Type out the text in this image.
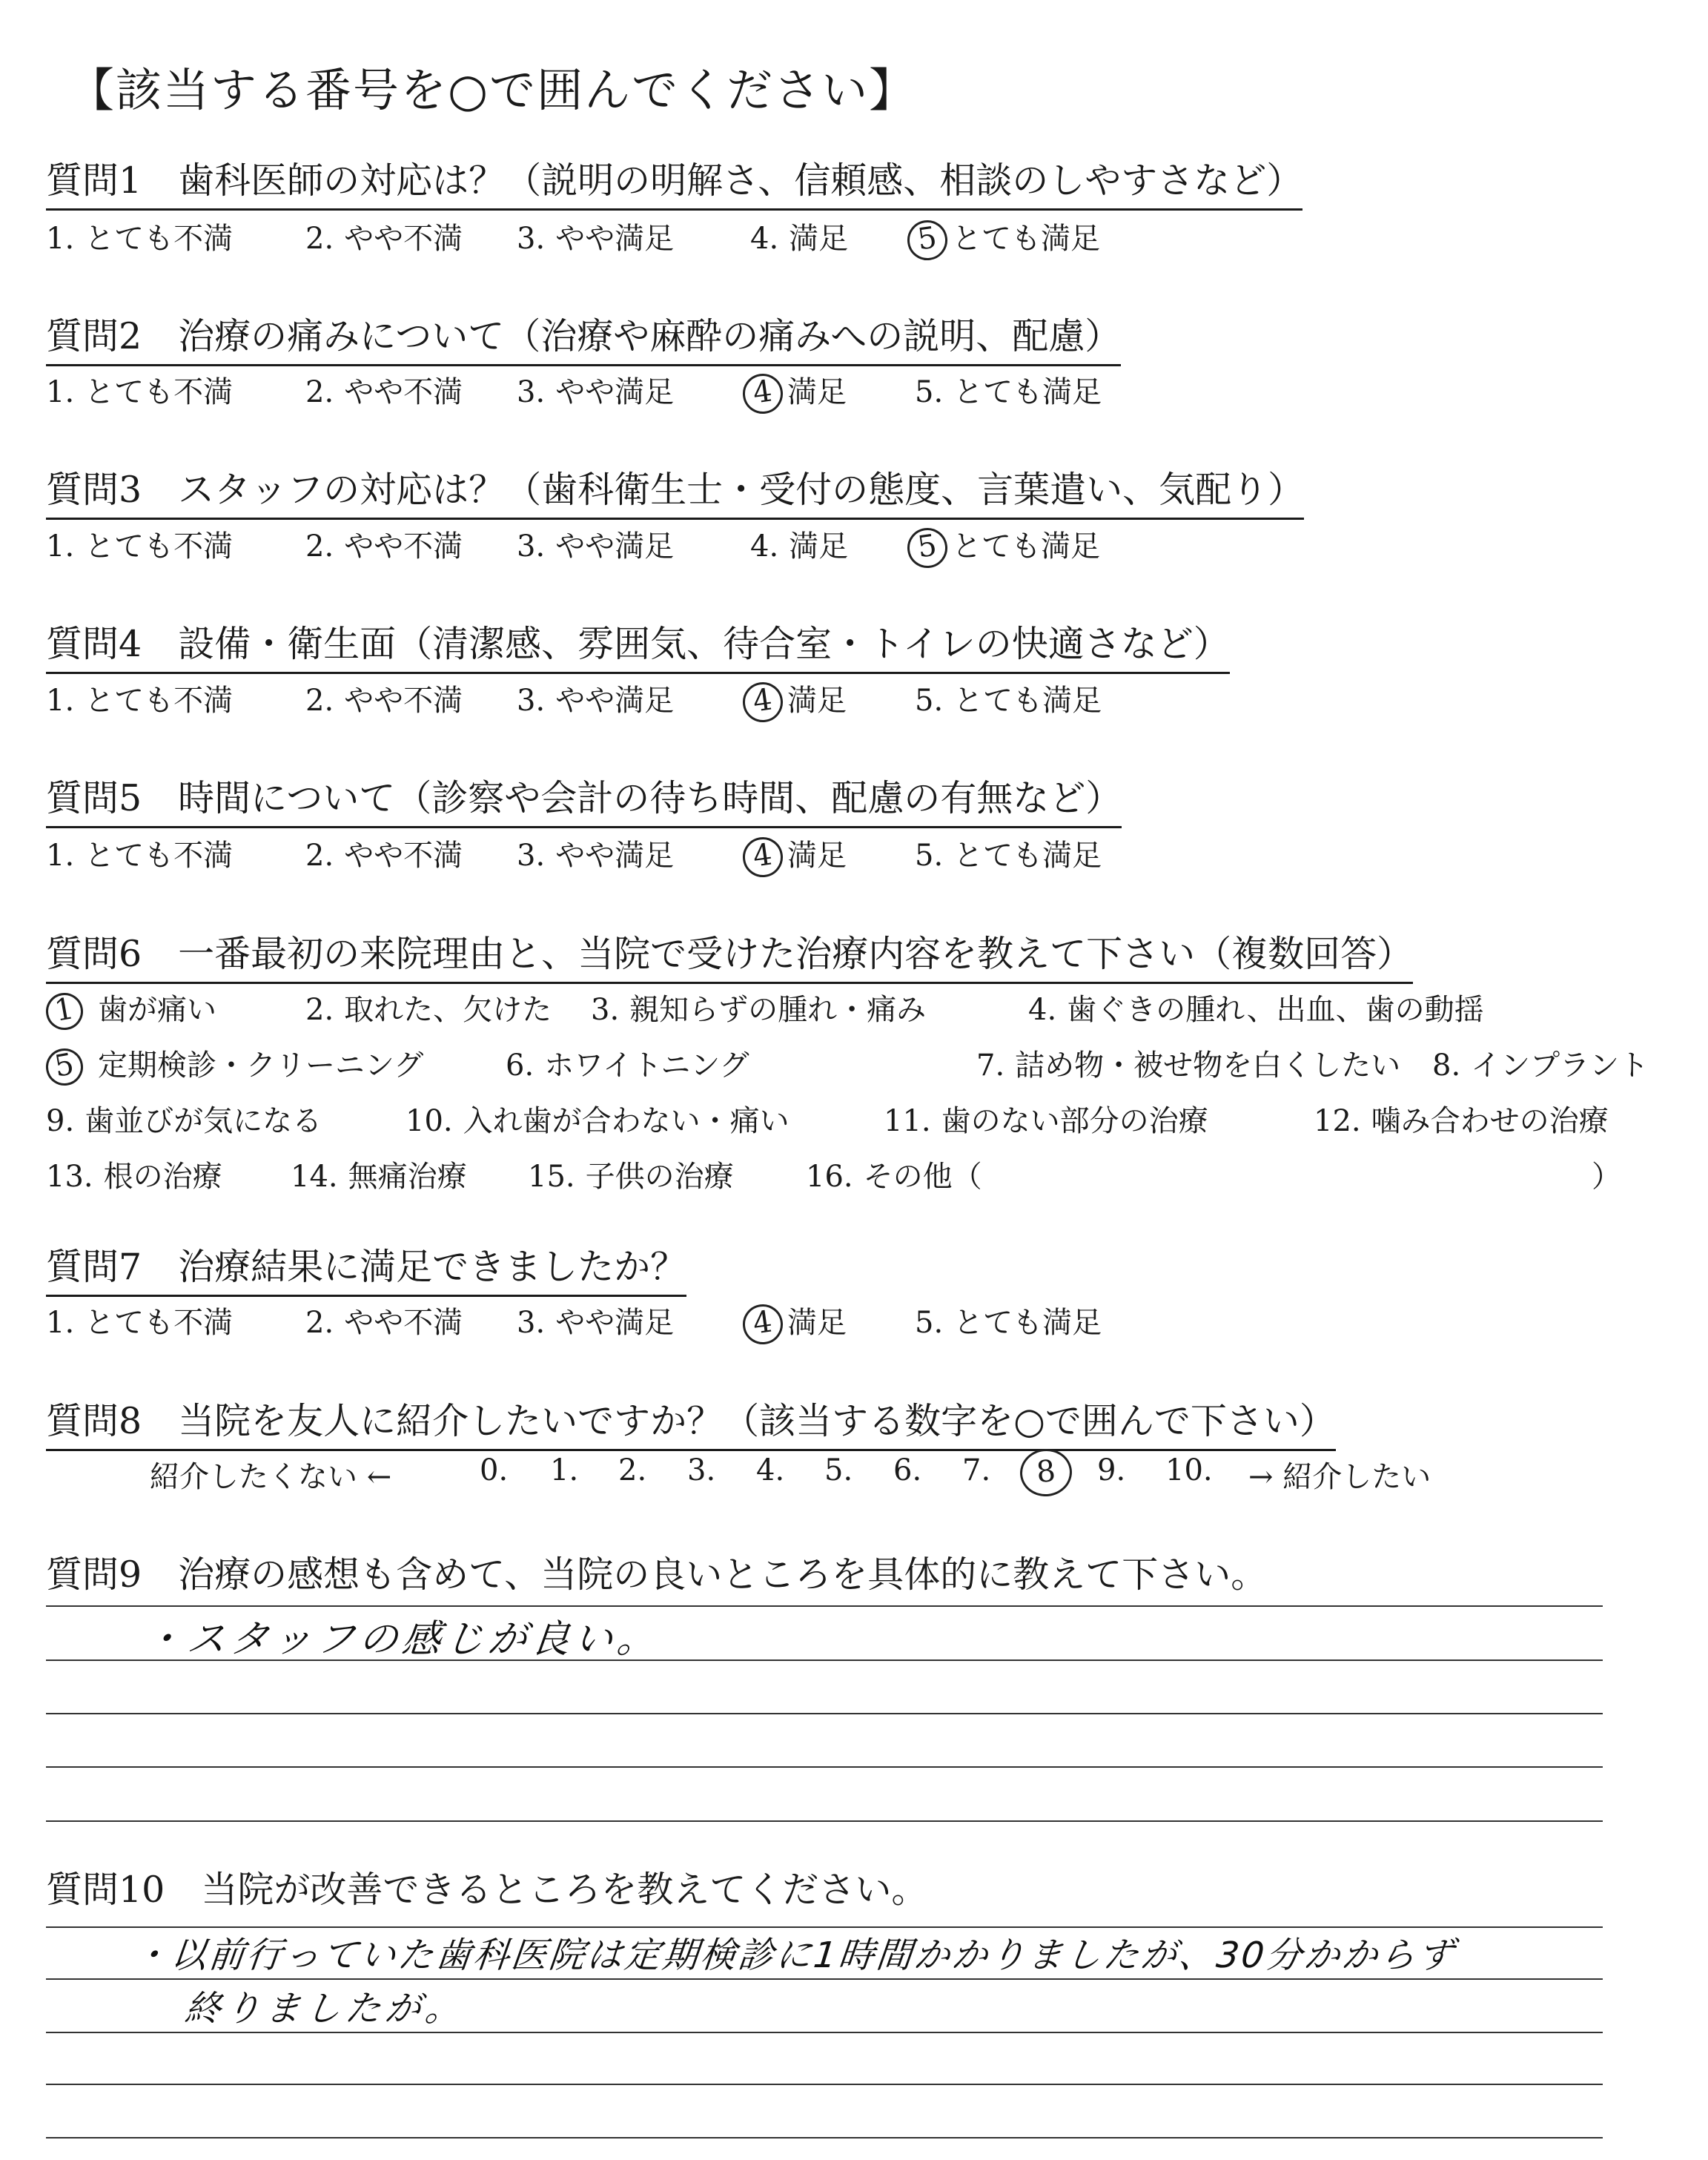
【該当する番号を○で囲んでください】
質問1　歯科医師の対応は？（説明の明解さ、信頼感、相談のしやすさなど）
1. とても不満 2. やや不満 3. やや満足	4. 満足 5 とても満足
質問2　治療の痛みについて（治療や麻酔の痛みへの説明、配慮）
1. とても不満 2. やや不満 3. やや満足	4 満足 5. とても満足
質問3　スタッフの対応は？（歯科衛生士・受付の態度、言葉遣い、気配り）
1. とても不満 2. やや不満 3. やや満足	4. 満足 5 とても満足
質問4　設備・衛生面（清潔感、雰囲気、待合室・トイレの快適さなど）
1. とても不満 2. やや不満 3. やや満足	4 満足 5. とても満足
質問5　時間について（診察や会計の待ち時間、配慮の有無など）
1. とても不満 2. やや不満 3. やや満足	4 満足 5. とても満足
質問6　一番最初の来院理由と、当院で受けた治療内容を教えて下さい（複数回答）
1 歯が痛い	2. 取れた、欠けた 3. 親知らずの腫れ・痛み	4. 歯ぐきの腫れ、出血、歯の動揺
5 定期検診・クリーニング	6. ホワイトニング	7. 詰め物・被せ物を白くしたい 8. インプラント
9. 歯並びが気になる	10. 入れ歯が合わない・痛い	11. 歯のない部分の治療	12. 噛み合わせの治療
13. 根の治療 14. 無痛治療 15. 子供の治療 16. その他（	）
質問7　治療結果に満足できましたか？
1. とても不満 2. やや不満 3. やや満足	4 満足 5. とても満足
質問8　当院を友人に紹介したいですか？（該当する数字を○で囲んで下さい）
紹介したくない ←	0. 1. 2. 3. 4. 5. 6. 7.	8	9. 10. → 紹介したい
質問9　治療の感想も含めて、当院の良いところを具体的に教えて下さい。
・スタッフの感じが良い。
質問10　当院が改善できるところを教えてください。
・以前行っていた歯科医院は定期検診に1時間かかりましたが、30分かからず
終りましたが。
